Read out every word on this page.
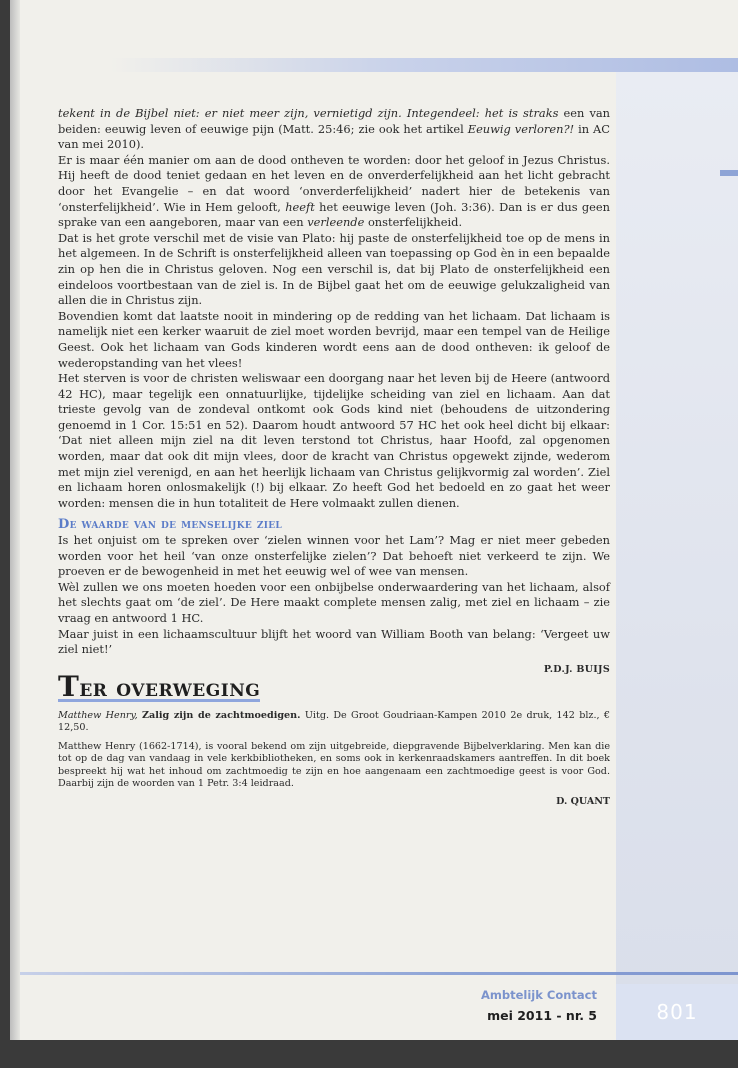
tekent in de Bijbel niet: er niet meer zijn, vernietigd zijn. Integendeel: het is straks een van beiden: eeuwig leven of eeuwige pijn (Matt. 25:46; zie ook het artikel Eeuwig verloren?! in AC van mei 2010).

Er is maar één manier om aan de dood ontheven te worden: door het geloof in Jezus Christus. Hij heeft de dood teniet gedaan en het leven en de onverderfelijkheid aan het licht gebracht door het Evangelie – en dat woord ‘onverderfelijkheid’ nadert hier de betekenis van ‘onsterfelijkheid’. Wie in Hem gelooft, heeft het eeuwige leven (Joh. 3:36). Dan is er dus geen sprake van een aangeboren, maar van een verleende onsterfelijkheid.

Dat is het grote verschil met de visie van Plato: hij paste de onsterfelijkheid toe op de mens in het algemeen. In de Schrift is onsterfelijkheid alleen van toepassing op God èn in een bepaalde zin op hen die in Christus geloven. Nog een verschil is, dat bij Plato de onsterfelijkheid een eindeloos voortbestaan van de ziel is. In de Bijbel gaat het om de eeuwige gelukzaligheid van allen die in Christus zijn.

Bovendien komt dat laatste nooit in mindering op de redding van het lichaam. Dat lichaam is namelijk niet een kerker waaruit de ziel moet worden bevrijd, maar een tempel van de Heilige Geest. Ook het lichaam van Gods kinderen wordt eens aan de dood ontheven: ik geloof de wederopstanding van het vlees!

Het sterven is voor de christen weliswaar een doorgang naar het leven bij de Heere (antwoord 42 HC), maar tegelijk een onnatuurlijke, tijdelijke scheiding van ziel en lichaam. Aan dat trieste gevolg van de zondeval ontkomt ook Gods kind niet (behoudens de uitzondering genoemd in 1 Cor. 15:51 en 52). Daarom houdt antwoord 57 HC het ook heel dicht bij elkaar: ‘Dat niet alleen mijn ziel na dit leven terstond tot Christus, haar Hoofd, zal opgenomen worden, maar dat ook dit mijn vlees, door de kracht van Christus opgewekt zijnde, wederom met mijn ziel verenigd, en aan het heerlijk lichaam van Christus gelijkvormig zal worden’. Ziel en lichaam horen onlosmakelijk (!) bij elkaar. Zo heeft God het bedoeld en zo gaat het weer worden: mensen die in hun totaliteit de Here volmaakt zullen dienen.

De waarde van de menselijke ziel

Is het onjuist om te spreken over ‘zielen winnen voor het Lam’? Mag er niet meer gebeden worden voor het heil ‘van onze onsterfelijke zielen’? Dat behoeft niet verkeerd te zijn. We proeven er de bewogenheid in met het eeuwig wel of wee van mensen.

Wèl zullen we ons moeten hoeden voor een onbijbelse onderwaardering van het lichaam, alsof het slechts gaat om ‘de ziel’. De Here maakt complete mensen zalig, met ziel en lichaam – zie vraag en antwoord 1 HC.

Maar juist in een lichaamscultuur blijft het woord van William Booth van belang: ‘Vergeet uw ziel niet!’

P.D.J. BUIJS
Ter overweging

Matthew Henry, Zalig zijn de zachtmoedigen. Uitg. De Groot Goudriaan-Kampen 2010 2e druk, 142 blz., € 12,50.

Matthew Henry (1662-1714), is vooral bekend om zijn uitgebreide, diepgravende Bijbelverklaring. Men kan die tot op de dag van vandaag in vele kerkbibliotheken, en soms ook in kerkenraadskamers aantreffen. In dit boek bespreekt hij wat het inhoud om zachtmoedig te zijn en hoe aangenaam een zachtmoedige geest is voor God. Daarbij zijn de woorden van 1 Petr. 3:4 leidraad.

D. QUANT
Ambtelijk Contact
mei 2011 - nr. 5	801
